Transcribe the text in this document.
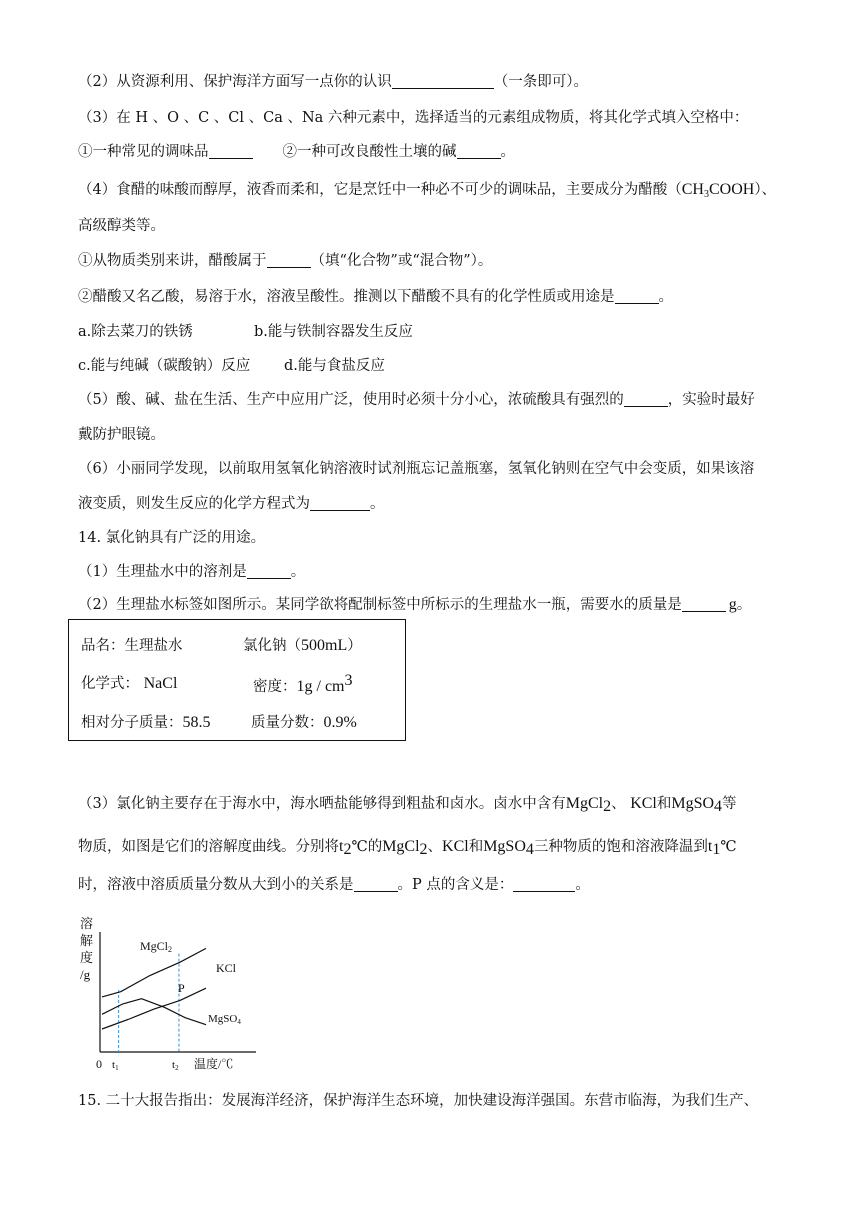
（2）从资源利用、保护海洋方面写一点你的认识	（一条即可）。
（3）在 H 、O 、C 、Cl 、Ca 、Na 六种元素中，选择适当的元素组成物质，将其化学式填入空格中：
①一种常见的调味品	②一种可改良酸性土壤的碱	。
（4）食醋的味酸而醇厚，液香而柔和，它是烹饪中一种必不可少的调味品，主要成分为醋酸$(CH_3COOH)$、
高级醇类等。
①从物质类别来讲，醋酸属于	（填“化合物”或“混合物”）。
②醋酸又名乙酸，易溶于水，溶液呈酸性。推测以下醋酸不具有的化学性质或用途是	。
a.除去菜刀的铁锈	b.能与铁制容器发生反应
c.能与纯碱（碳酸钠）反应 d.能与食盐反应
（5）酸、碱、盐在生活、生产中应用广泛，使用时必须十分小心，浓硫酸具有强烈的	，实验时最好
戴防护眼镜。
（6）小丽同学发现，以前取用氢氧化钠溶液时试剂瓶忘记盖瓶塞，氢氧化钠则在空气中会变质，如果该溶
液变质，则发生反应的化学方程式为	。
14. 氯化钠具有广泛的用途。
（1）生理盐水中的溶剂是	。
（2）生理盐水标签如图所示。某同学欲将配制标签中所标示的生理盐水一瓶，需要水的质量是	g。
品名：生理盐水	氯化钠（500mL）
化学式： NaCl	密度：$1g / cm^3$
相对分子质量：58.5	质量分数：0.9%
（3）氯化钠主要存在于海水中，海水晒盐能够得到粗盐和卤水。卤水中含有MgCl$_2$、 KCl和MgSO$_4$等
物质，如图是它们的溶解度曲线。分别将$t_2℃$的MgCl$_2$、KCl和MgSO$_4$三种物质的饱和溶液降温到$t_1℃$
时，溶液中溶质质量分数从大到小的关系是	。P 点的含义是：	。
溶
解
度
/g
0
MgCl2
KCl
MgSO4
P
t1	t2 温度/℃
15. 二十大报告指出：发展海洋经济，保护海洋生态环境，加快建设海洋强国。东营市临海，为我们生产、
